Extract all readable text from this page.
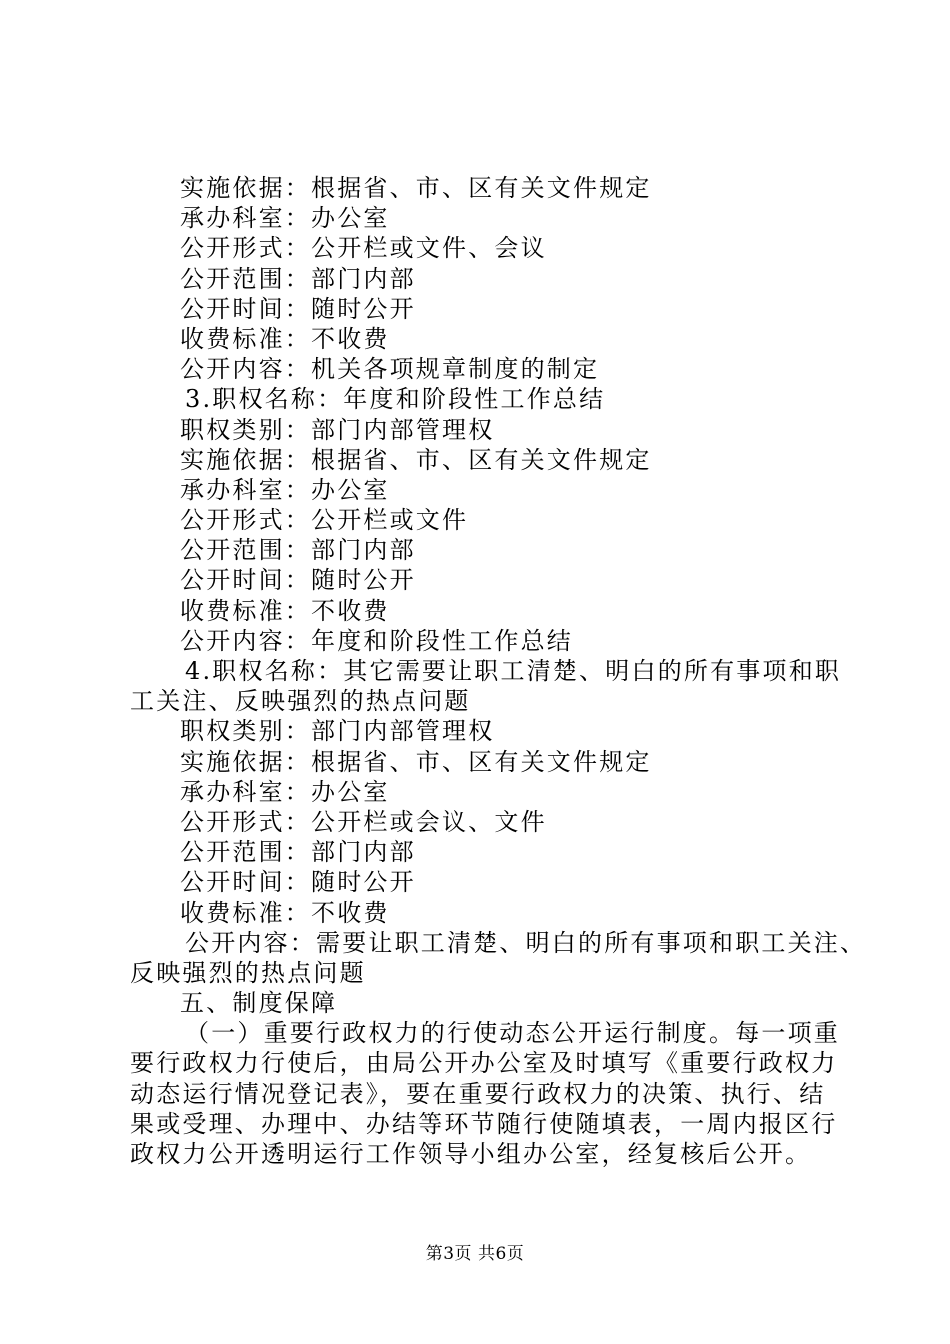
实施依据：根据省、市、区有关文件规定
承办科室：办公室
公开形式：公开栏或文件、会议
公开范围：部门内部
公开时间：随时公开
收费标准：不收费
公开内容：机关各项规章制度的制定
3.职权名称：年度和阶段性工作总结
职权类别：部门内部管理权
实施依据：根据省、市、区有关文件规定
承办科室：办公室
公开形式：公开栏或文件
公开范围：部门内部
公开时间：随时公开
收费标准：不收费
公开内容：年度和阶段性工作总结
4.职权名称：其它需要让职工清楚、明白的所有事项和职
工关注、反映强烈的热点问题
职权类别：部门内部管理权
实施依据：根据省、市、区有关文件规定
承办科室：办公室
公开形式：公开栏或会议、文件
公开范围：部门内部
公开时间：随时公开
收费标准：不收费
公开内容：需要让职工清楚、明白的所有事项和职工关注、
反映强烈的热点问题
五、制度保障
（一）重要行政权力的行使动态公开运行制度。每一项重
要行政权力行使后，由局公开办公室及时填写《重要行政权力
动态运行情况登记表》，要在重要行政权力的决策、执行、结
果或受理、办理中、办结等环节随行使随填表，一周内报区行
政权力公开透明运行工作领导小组办公室，经复核后公开。
第3页 共6页
